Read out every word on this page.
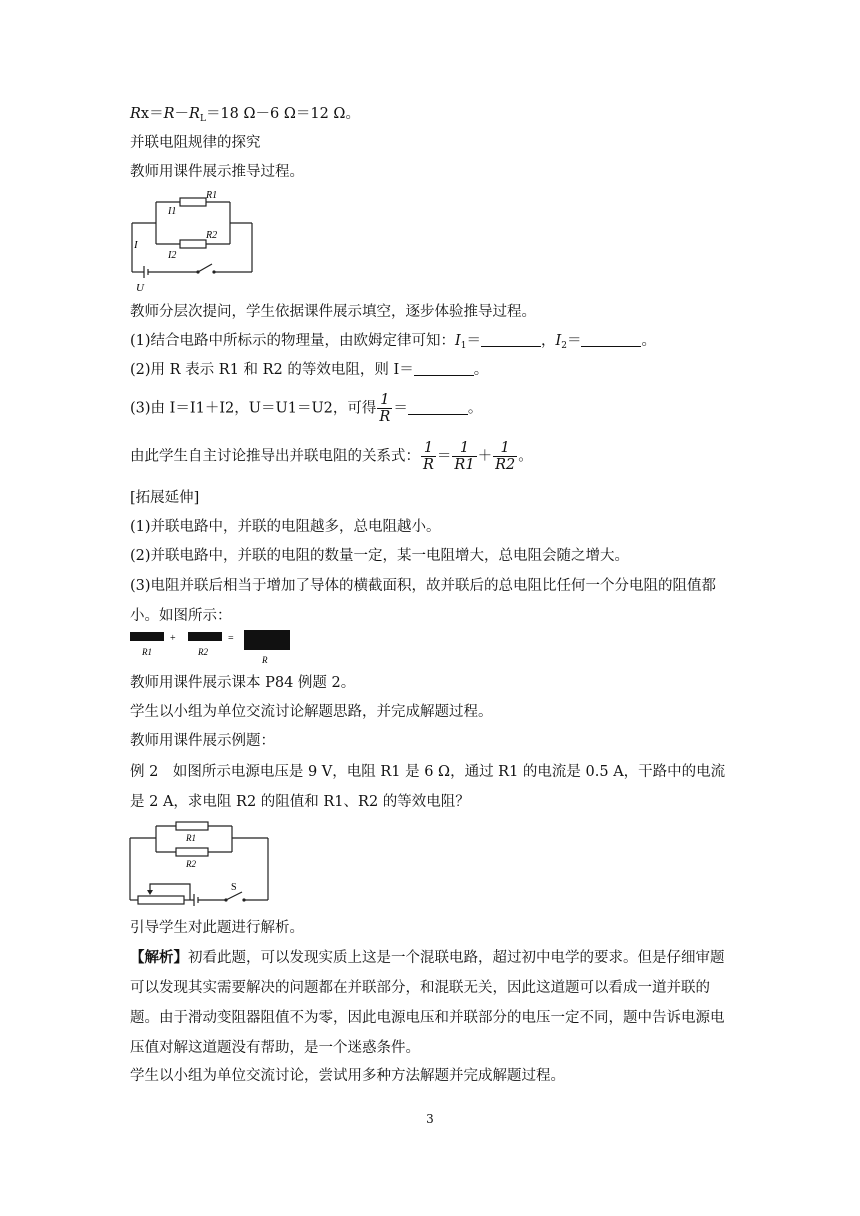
$Rx=R-R_L=18$ Ω－6 Ω＝12 Ω。
并联电阻规律的探究
教师用课件展示推导过程。
R1
I1
R2
I2
I
U
教师分层次提问，学生依据课件展示填空，逐步体验推导过程。
(1)结合电路中所标示的物理量，由欧姆定律可知：$I_1=$	，$I_2=$	。
(2)用 R 表示 R1 和 R2 的等效电阻，则 I＝	。
(3)由 I＝I1＋I2，U＝U1＝U2，可得 $\frac{1}{R}$ ＝	。
由此学生自主讨论推导出并联电阻的关系式： $\frac{1}{R} = \frac{1}{R1} + \frac{1}{R2}$ 。
[拓展延伸]
(1)并联电路中，并联的电阻越多，总电阻越小。
(2)并联电路中，并联的电阻的数量一定，某一电阻增大，总电阻会随之增大。
(3)电阻并联后相当于增加了导体的横截面积，故并联后的总电阻比任何一个分电阻的阻值都小。如图所示：
+	=
R1	R2
R
教师用课件展示课本 P84 例题 2。
学生以小组为单位交流讨论解题思路，并完成解题过程。
教师用课件展示例题：
例 2　如图所示电源电压是 9 V，电阻 R1 是 6 Ω，通过 R1 的电流是 0.5 A，干路中的电流是 2 A，求电阻 R2 的阻值和 R1、R2 的等效电阻？
R1
R2
S
引导学生对此题进行解析。
【解析】初看此题，可以发现实质上这是一个混联电路，超过初中电学的要求。但是仔细审题可以发现其实需要解决的问题都在并联部分，和混联无关，因此这道题可以看成一道并联的题。由于滑动变阻器阻值不为零，因此电源电压和并联部分的电压一定不同，题中告诉电源电压值对解这道题没有帮助，是一个迷惑条件。
学生以小组为单位交流讨论，尝试用多种方法解题并完成解题过程。
3
